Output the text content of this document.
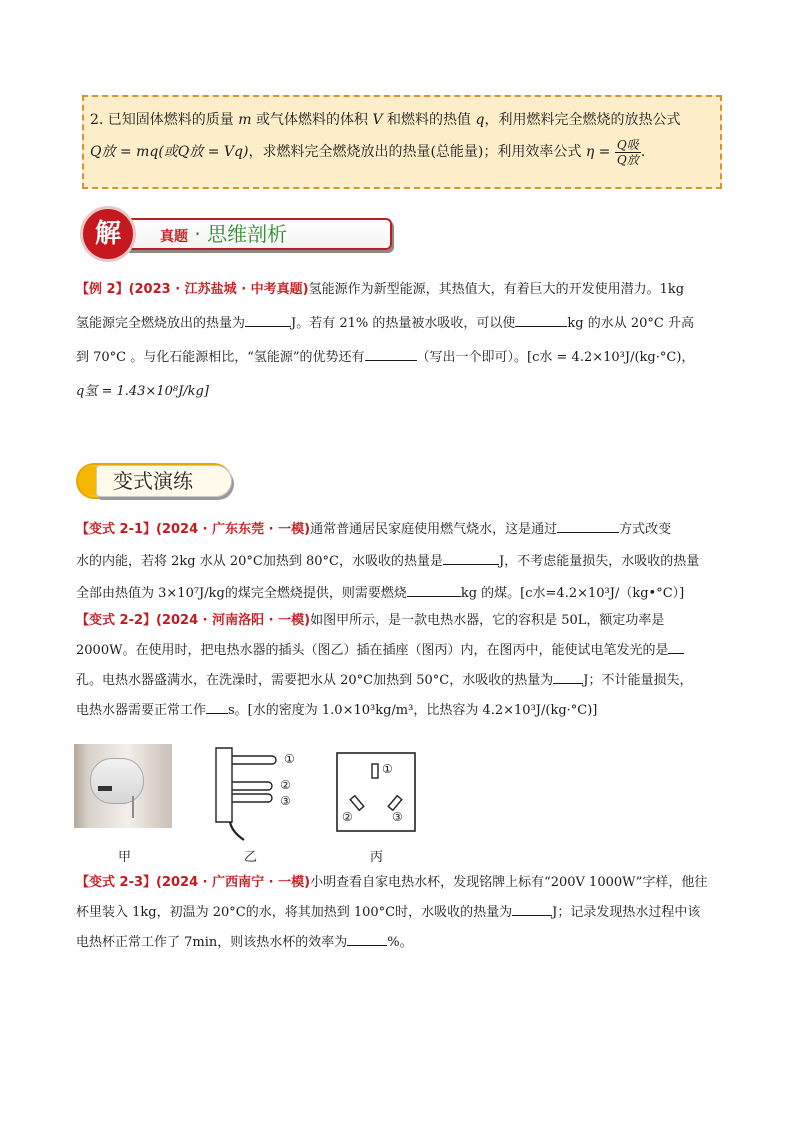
2. 已知固体燃料的质量 m 或气体燃料的体积 V 和燃料的热值 q，利用燃料完全燃烧的放热公式
Q放 = mq(或Q放 = Vq)，求燃料完全燃烧放出的热量(总能量)；利用效率公式 $\eta = \frac{\text{Q吸}}{\text{Q放}}$ .
真题 · 思维剖析
解
【例 2】(2023 · 江苏盐城 · 中考真题)氢能源作为新型能源，其热值大，有着巨大的开发使用潜力。1kg
氢能源完全燃烧放出的热量为	J。若有 21% 的热量被水吸收，可以使	kg 的水从 20°C 升高
到 70°C 。与化石能源相比，“氢能源”的优势还有	（写出一个即可）。[c水 = 4.2×10³J/(kg·°C)，
q氢 = 1.43×10⁸J/kg]
变式演练
【变式 2-1】(2024 · 广东东莞 · 一模)通常普通居民家庭使用燃气烧水，这是通过	方式改变
水的内能，若将 2kg 水从 20°C加热到 80°C，水吸收的热量是	J，不考虑能量损失，水吸收的热量
全部由热值为 3×10⁷J/kg的煤完全燃烧提供，则需要燃烧	kg 的煤。[c水=4.2×10³J/（kg•°C）]
【变式 2-2】(2024 · 河南洛阳 · 一模)如图甲所示，是一款电热水器，它的容积是 50L，额定功率是
2000W。在使用时，把电热水器的插头（图乙）插在插座（图丙）内，在图丙中，能使试电笔发光的是
孔。电热水器盛满水，在洗澡时，需要把水从 20°C加热到 50°C，水吸收的热量为 J；不计能量损失，
电热水器需要正常工作 s。[水的密度为 1.0×10³kg/m³，比热容为 4.2×10³J/(kg·°C)]
甲
①
②
③
乙
①
②	③
丙
【变式 2-3】(2024 · 广西南宁 · 一模)小明查看自家电热水杯，发现铭牌上标有“200V 1000W”字样，他往
杯里装入 1kg，初温为 20°C的水，将其加热到 100°C时，水吸收的热量为	J；记录发现热水过程中该
电热杯正常工作了 7min，则该热水杯的效率为	%。
